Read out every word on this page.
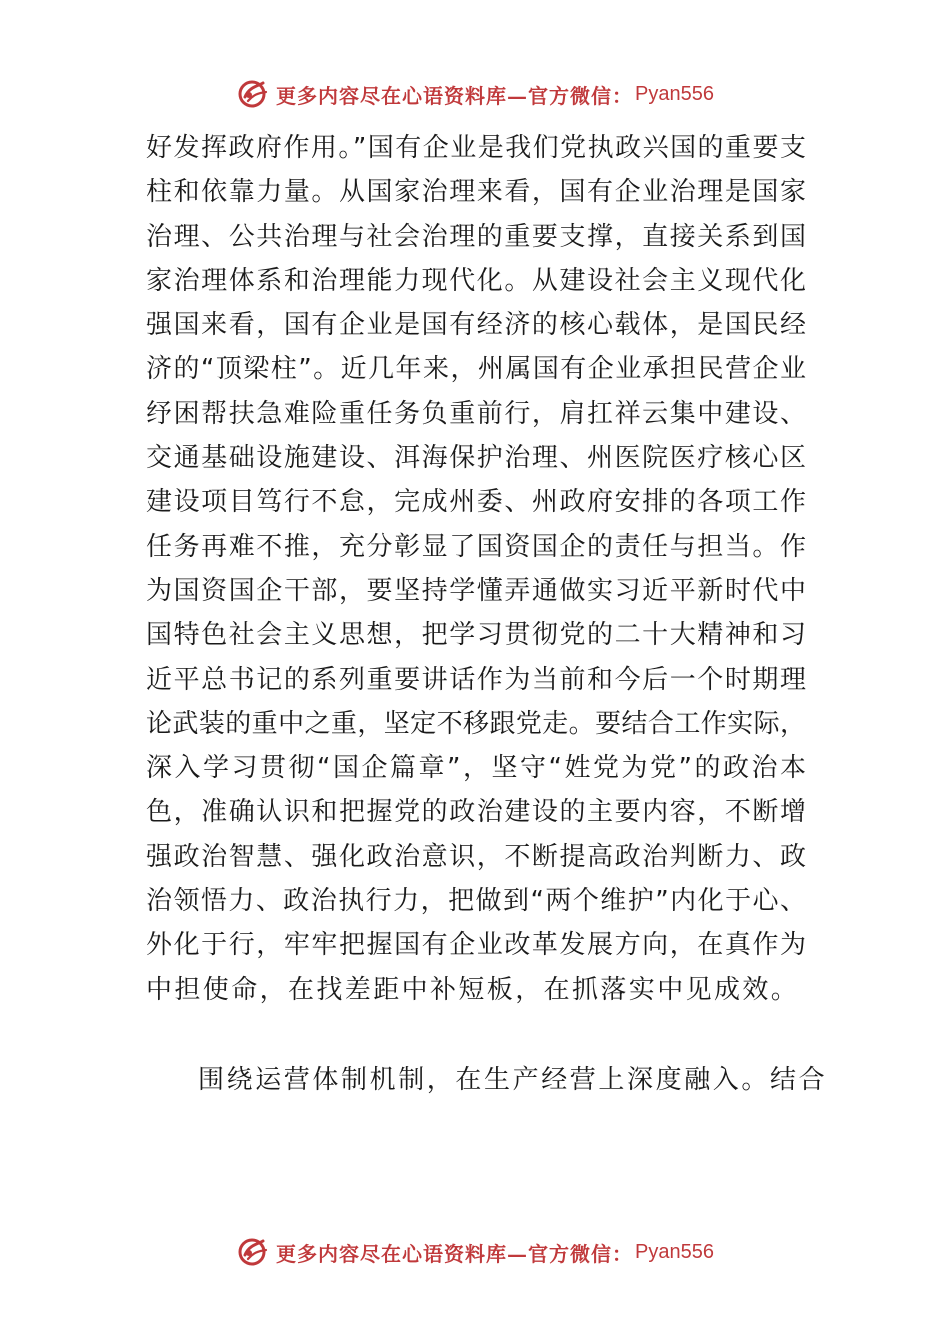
更多内容尽在心语资料库—官方微信： Pyan556
好发挥政府作用。”国有企业是我们党执政兴国的重要支
柱和依靠力量。从国家治理来看，国有企业治理是国家
治理、公共治理与社会治理的重要支撑，直接关系到国
家治理体系和治理能力现代化。从建设社会主义现代化
强国来看，国有企业是国有经济的核心载体，是国民经
济的“顶梁柱”。近几年来，州属国有企业承担民营企业
纾困帮扶急难险重任务负重前行，肩扛祥云集中建设、
交通基础设施建设、洱海保护治理、州医院医疗核心区
建设项目笃行不怠，完成州委、州政府安排的各项工作
任务再难不推，充分彰显了国资国企的责任与担当。作
为国资国企干部，要坚持学懂弄通做实习近平新时代中
国特色社会主义思想，把学习贯彻党的二十大精神和习
近平总书记的系列重要讲话作为当前和今后一个时期理
论武装的重中之重，坚定不移跟党走。要结合工作实际，
深入学习贯彻“国企篇章”，坚守“姓党为党”的政治本
色，准确认识和把握党的政治建设的主要内容，不断增
强政治智慧、强化政治意识，不断提高政治判断力、政
治领悟力、政治执行力，把做到“两个维护”内化于心、
外化于行，牢牢把握国有企业改革发展方向，在真作为
中担使命，在找差距中补短板，在抓落实中见成效。
围绕运营体制机制，在生产经营上深度融入。结合
更多内容尽在心语资料库—官方微信： Pyan556
